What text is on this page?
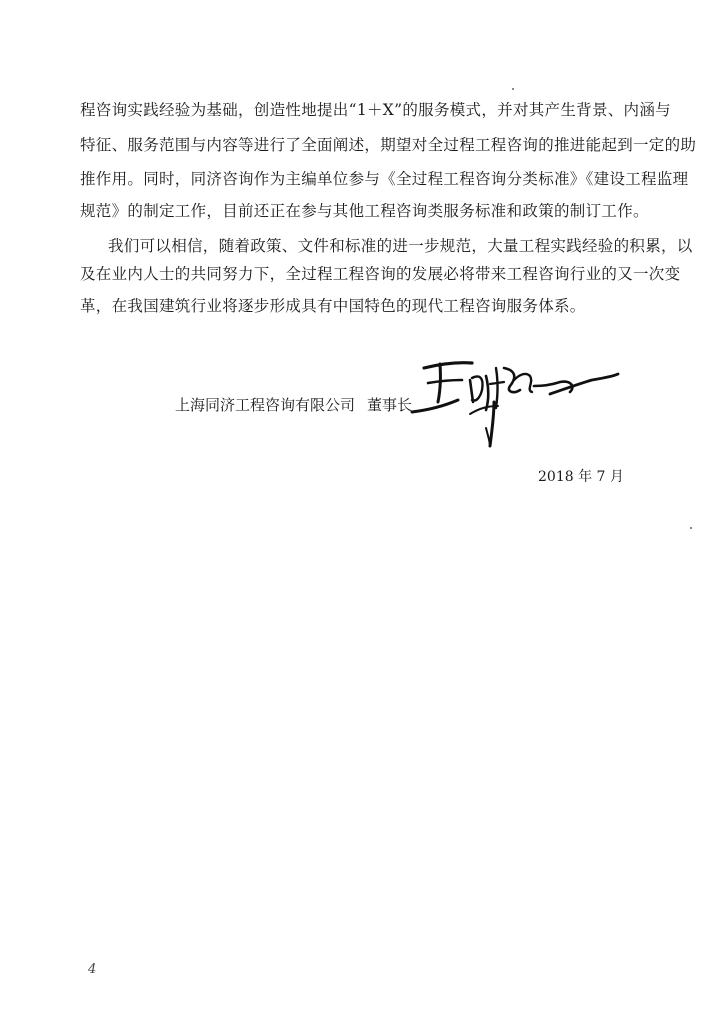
程咨询实践经验为基础，创造性地提出“1＋X”的服务模式，并对其产生背景、内涵与
特征、服务范围与内容等进行了全面阐述，期望对全过程工程咨询的推进能起到一定的助
推作用。同时，同济咨询作为主编单位参与《全过程工程咨询分类标准》《建设工程监理
规范》的制定工作，目前还正在参与其他工程咨询类服务标准和政策的制订工作。
我们可以相信，随着政策、文件和标准的进一步规范，大量工程实践经验的积累，以
及在业内人士的共同努力下，全过程工程咨询的发展必将带来工程咨询行业的又一次变
革，在我国建筑行业将逐步形成具有中国特色的现代工程咨询服务体系。
上海同济工程咨询有限公司 董事长
2018 年 7 月
4
